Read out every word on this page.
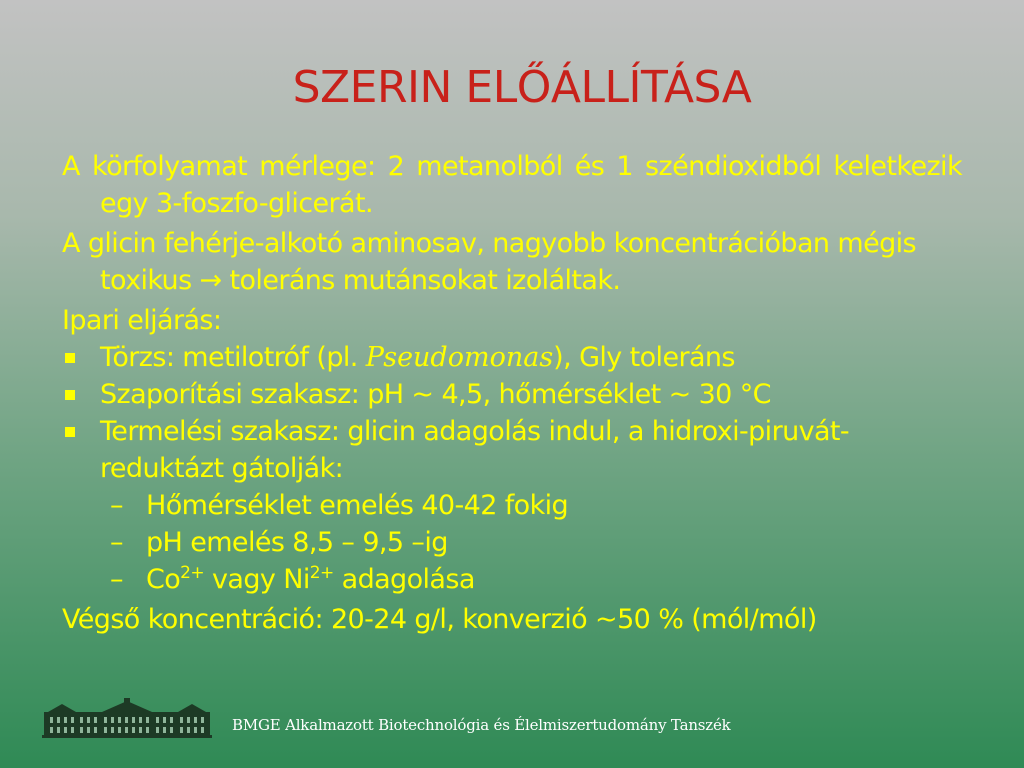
SZERIN ELŐÁLLÍTÁSA

A körfolyamat mérlege: 2 metanolból és 1 széndioxidból keletkezik egy 3-foszfo-glicerát.

A glicin fehérje-alkotó aminosav, nagyobb koncentrációban mégis toxikus → toleráns mutánsokat izoláltak.

Ipari eljárás:

Törzs: metilotróf (pl. Pseudomonas), Gly toleráns
Szaporítási szakasz: pH ~ 4,5, hőmérséklet ~ 30 °C
Termelési szakasz: glicin adagolás indul, a hidroxi-piruvát-reduktázt gátolják:
– Hőmérséklet emelés 40-42 fokig
– pH emelés 8,5 – 9,5 –ig
– $Co^{2+}$ vagy $Ni^{2+}$ adagolása

Végső koncentráció: 20-24 g/l, konverzió ~50 % (mól/mól)

BMGE Alkalmazott Biotechnológia és Élelmiszertudomány Tanszék
